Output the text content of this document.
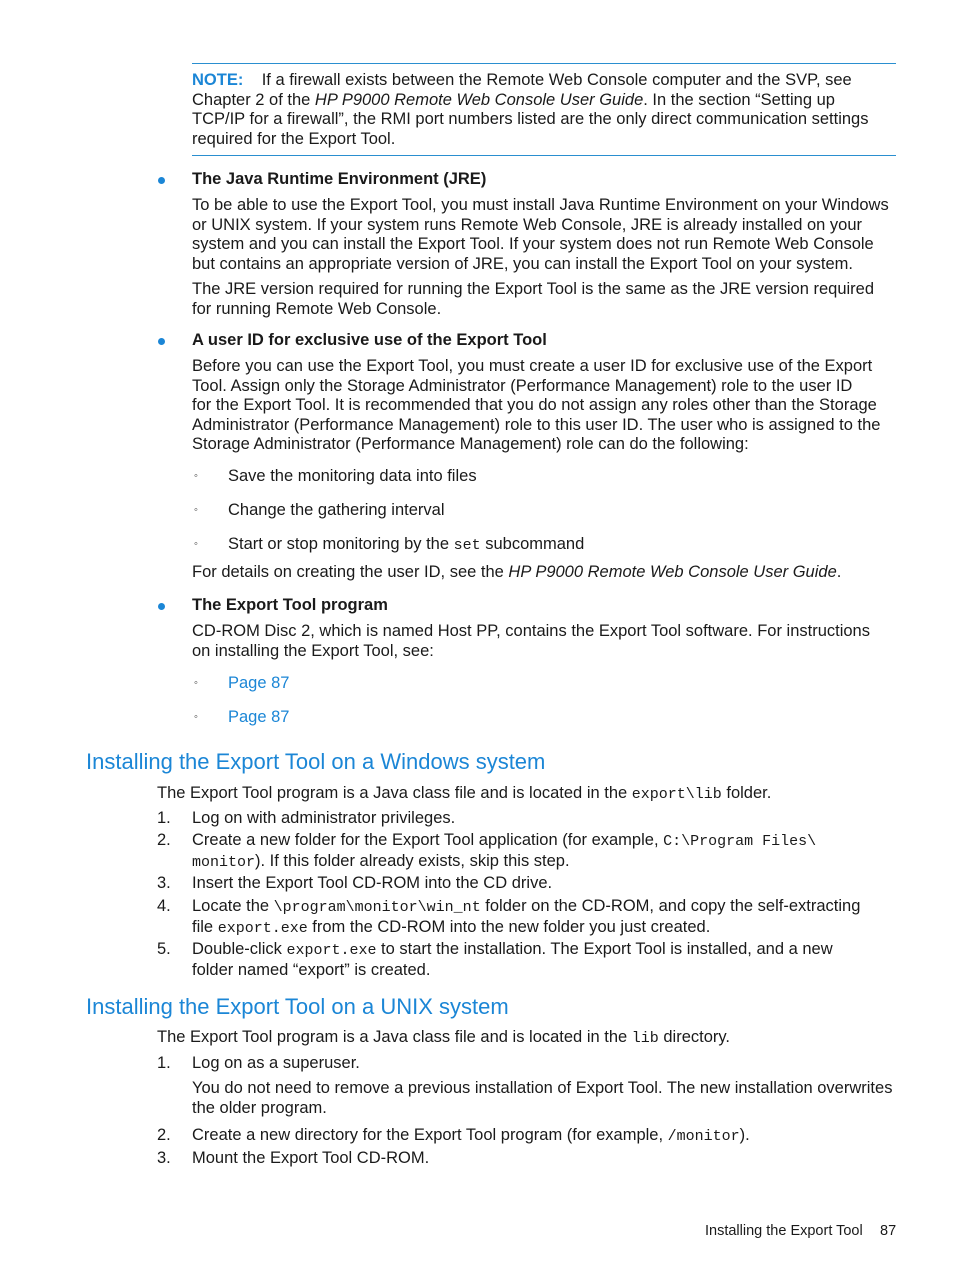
NOTE: If a firewall exists between the Remote Web Console computer and the SVP, see
Chapter 2 of the HP P9000 Remote Web Console User Guide. In the section “Setting up
TCP/IP for a firewall”, the RMI port numbers listed are the only direct communication settings
required for the Export Tool.
The Java Runtime Environment (JRE)
To be able to use the Export Tool, you must install Java Runtime Environment on your Windows
or UNIX system. If your system runs Remote Web Console, JRE is already installed on your
system and you can install the Export Tool. If your system does not run Remote Web Console
but contains an appropriate version of JRE, you can install the Export Tool on your system.
The JRE version required for running the Export Tool is the same as the JRE version required
for running Remote Web Console.
A user ID for exclusive use of the Export Tool
Before you can use the Export Tool, you must create a user ID for exclusive use of the Export
Tool. Assign only the Storage Administrator (Performance Management) role to the user ID
for the Export Tool. It is recommended that you do not assign any roles other than the Storage
Administrator (Performance Management) role to this user ID. The user who is assigned to the
Storage Administrator (Performance Management) role can do the following:
◦ Save the monitoring data into files
◦ Change the gathering interval
◦ Start or stop monitoring by the set subcommand
For details on creating the user ID, see the HP P9000 Remote Web Console User Guide.
The Export Tool program
CD-ROM Disc 2, which is named Host PP, contains the Export Tool software. For instructions
on installing the Export Tool, see:
◦ Page 87
◦ Page 87
Installing the Export Tool on a Windows system
The Export Tool program is a Java class file and is located in the export\lib folder.
1.	Log on with administrator privileges.
2.	Create a new folder for the Export Tool application (for example, C:\Program Files\
monitor). If this folder already exists, skip this step.
3.	Insert the Export Tool CD-ROM into the CD drive.
4.	Locate the \program\monitor\win_nt folder on the CD-ROM, and copy the self-extracting
file export.exe from the CD-ROM into the new folder you just created.
5.	Double-click export.exe to start the installation. The Export Tool is installed, and a new
folder named “export” is created.
Installing the Export Tool on a UNIX system
The Export Tool program is a Java class file and is located in the lib directory.
1.	Log on as a superuser.
You do not need to remove a previous installation of Export Tool. The new installation overwrites
the older program.
2.	Create a new directory for the Export Tool program (for example, /monitor).
3.	Mount the Export Tool CD-ROM.
Installing the Export Tool 87
